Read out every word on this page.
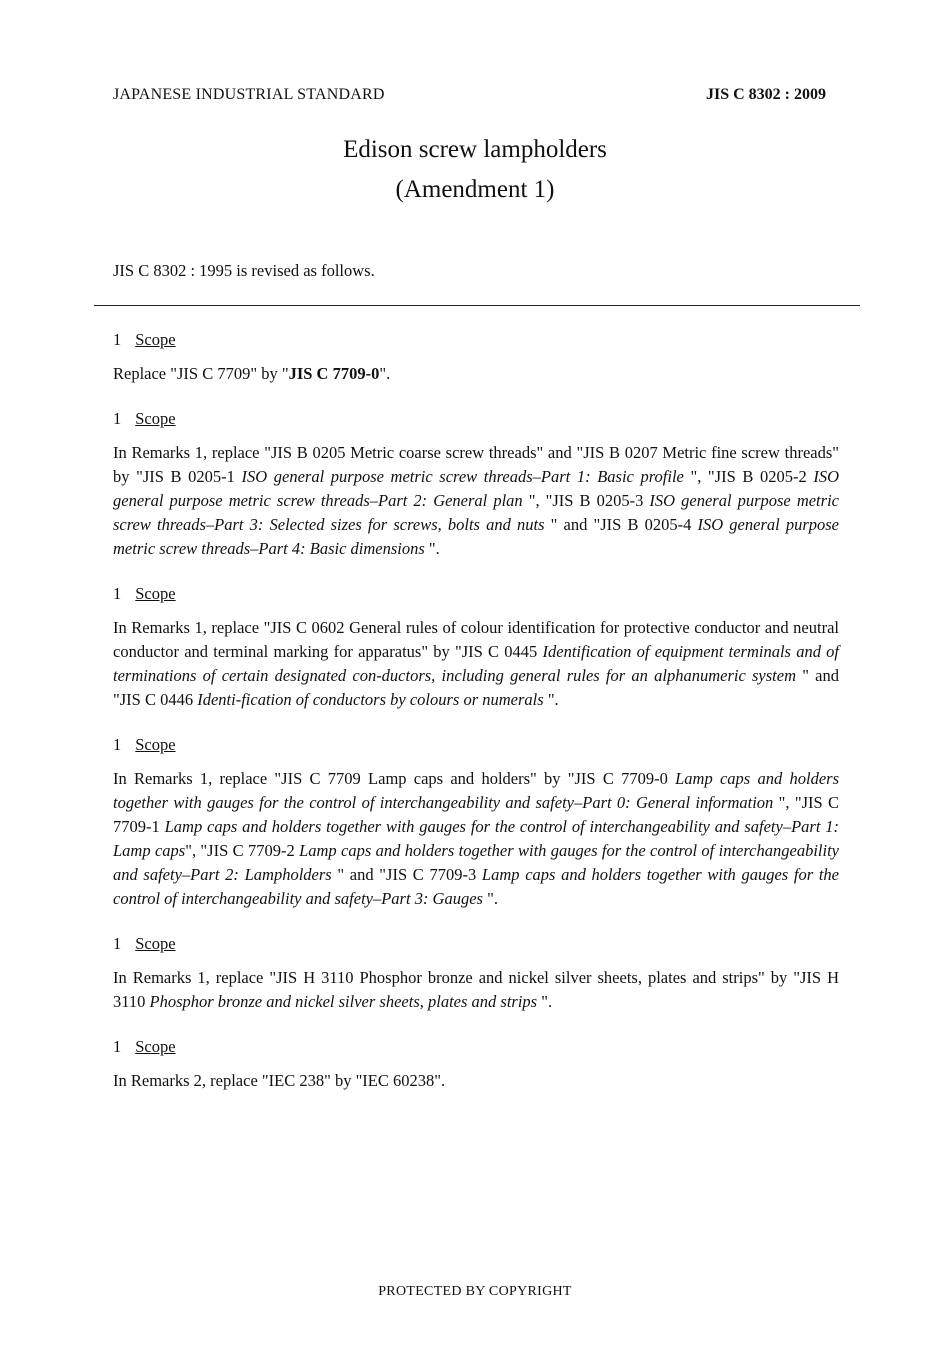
JAPANESE INDUSTRIAL STANDARD	JIS C 8302 : 2009
Edison screw lampholders
(Amendment 1)
JIS C 8302 : 1995 is revised as follows.
1 Scope

Replace "JIS C 7709" by "JIS C 7709-0".

1 Scope

In Remarks 1, replace "JIS B 0205 Metric coarse screw threads" and "JIS B 0207 Metric fine screw threads" by "JIS B 0205-1 ISO general purpose metric screw threads–Part 1: Basic profile ", "JIS B 0205-2 ISO general purpose metric screw threads–Part 2: General plan ", "JIS B 0205-3 ISO general purpose metric screw threads–Part 3: Selected sizes for screws, bolts and nuts " and "JIS B 0205-4 ISO general purpose metric screw threads–Part 4: Basic dimensions ".

1 Scope

In Remarks 1, replace "JIS C 0602 General rules of colour identification for protective conductor and neutral conductor and terminal marking for apparatus" by "JIS C 0445 Identification of equipment terminals and of terminations of certain designated con-ductors, including general rules for an alphanumeric system " and "JIS C 0446 Identi-fication of conductors by colours or numerals ".

1 Scope

In Remarks 1, replace "JIS C 7709 Lamp caps and holders" by "JIS C 7709-0 Lamp caps and holders together with gauges for the control of interchangeability and safety–Part 0: General information ", "JIS C 7709-1 Lamp caps and holders together with gauges for the control of interchangeability and safety–Part 1: Lamp caps", "JIS C 7709-2 Lamp caps and holders together with gauges for the control of interchangeability and safety–Part 2: Lampholders " and "JIS C 7709-3 Lamp caps and holders together with gauges for the control of interchangeability and safety–Part 3: Gauges ".

1 Scope

In Remarks 1, replace "JIS H 3110 Phosphor bronze and nickel silver sheets, plates and strips" by "JIS H 3110 Phosphor bronze and nickel silver sheets, plates and strips ".

1 Scope

In Remarks 2, replace "IEC 238" by "IEC 60238".

PROTECTED BY COPYRIGHT
